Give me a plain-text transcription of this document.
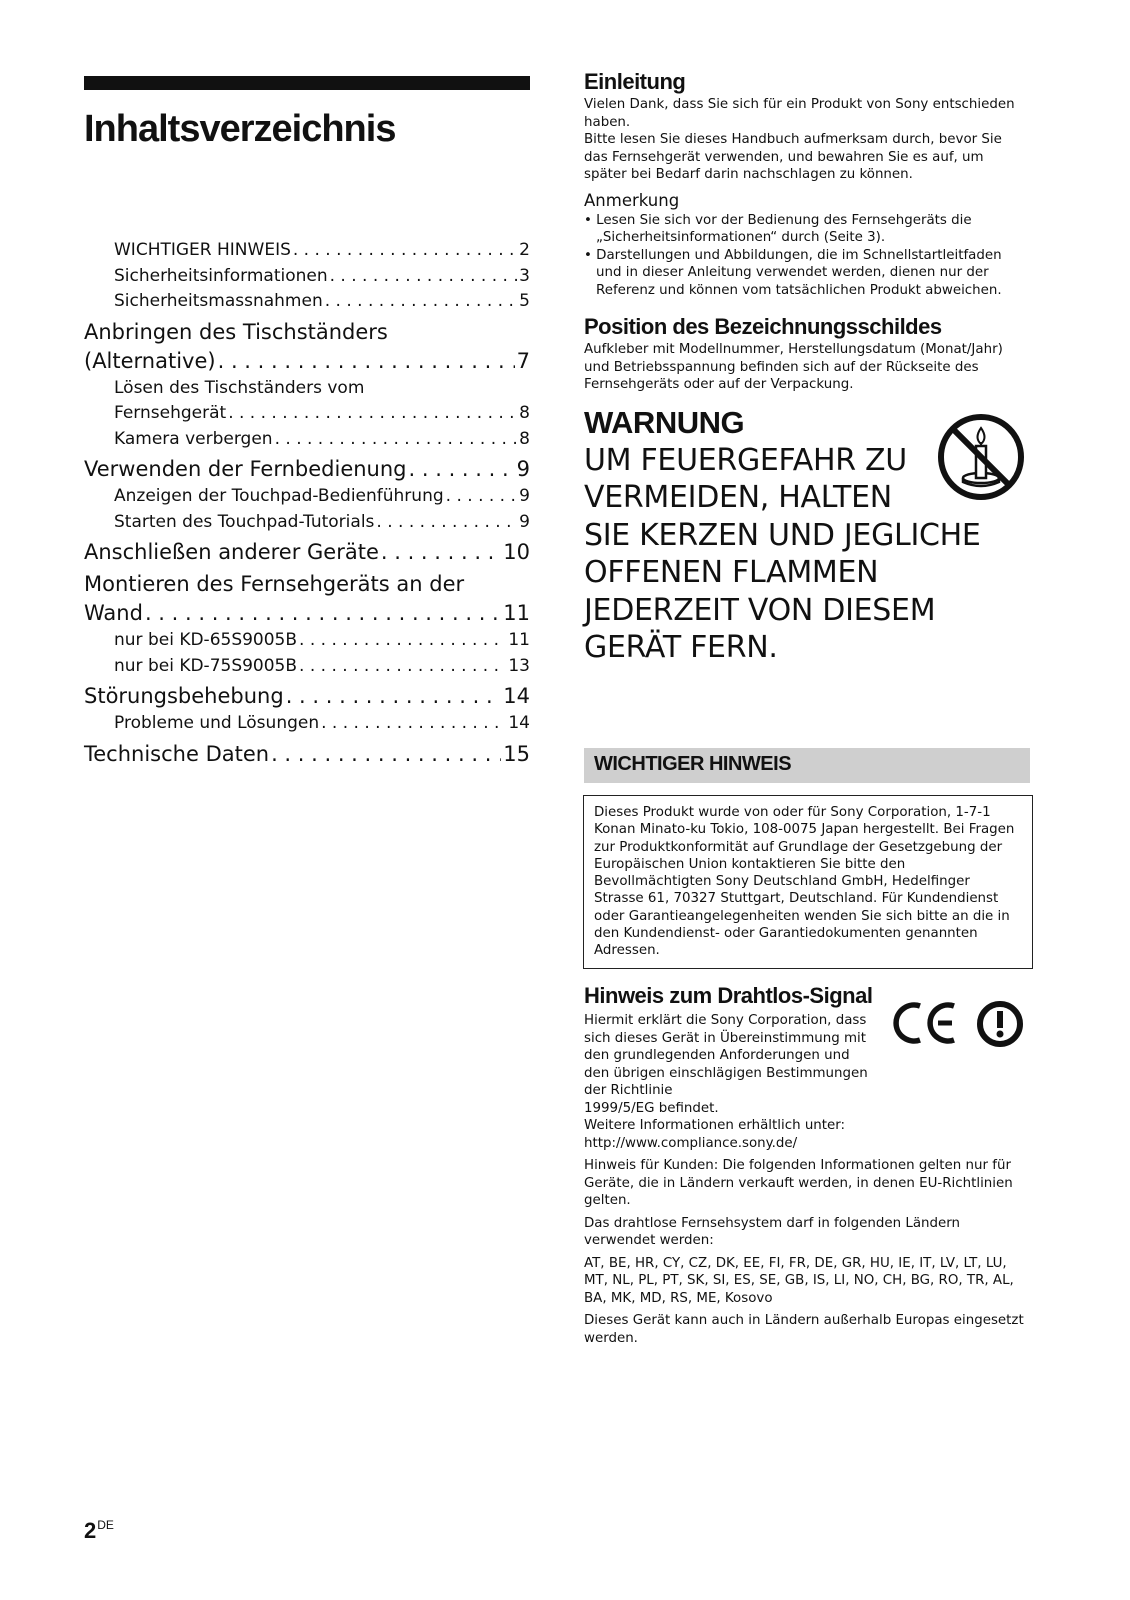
Inhaltsverzeichnis
WICHTIGER HINWEIS . . .	2
Sicherheitsinformationen . . .	3
Sicherheitsmassnahmen . . .	5
Anbringen des Tischständers
(Alternative) . . .	7
Lösen des Tischständers vom
Fernsehgerät . . .	8
Kamera verbergen . . .	8
Verwenden der Fernbedienung . . .	9
Anzeigen der Touchpad-Bedienführung . . .	9
Starten des Touchpad-Tutorials . . .	9
Anschließen anderer Geräte . . .	10
Montieren des Fernsehgeräts an der
Wand . . .	11
nur bei KD-65S9005B . . .	11
nur bei KD-75S9005B . . .	13
Störungsbehebung . . .	14
Probleme und Lösungen . . .	14
Technische Daten . . .	15
Einleitung

Vielen Dank, dass Sie sich für ein Produkt von Sony entschieden haben.

Bitte lesen Sie dieses Handbuch aufmerksam durch, bevor Sie das Fernsehgerät verwenden, und bewahren Sie es auf, um später bei Bedarf darin nachschlagen zu können.

Anmerkung

• Lesen Sie sich vor der Bedienung des Fernsehgeräts die „Sicherheitsinformationen“ durch (Seite 3).

• Darstellungen und Abbildungen, die im Schnellstartleitfaden und in dieser Anleitung verwendet werden, dienen nur der Referenz und können vom tatsächlichen Produkt abweichen.

Position des Bezeichnungsschildes

Aufkleber mit Modellnummer, Herstellungsdatum (Monat/Jahr) und Betriebsspannung befinden sich auf der Rückseite des Fernsehgeräts oder auf der Verpackung.

WARNUNG
UM FEUERGEFAHR ZU
VERMEIDEN, HALTEN
SIE KERZEN UND JEGLICHE
OFFENEN FLAMMEN
JEDERZEIT VON DIESEM
GERÄT FERN.
WICHTIGER HINWEIS

Dieses Produkt wurde von oder für Sony Corporation, 1-7-1 Konan Minato-ku Tokio, 108-0075 Japan hergestellt. Bei Fragen zur Produktkonformität auf Grundlage der Gesetzgebung der Europäischen Union kontaktieren Sie bitte den Bevollmächtigten Sony Deutschland GmbH, Hedelfinger Strasse 61, 70327 Stuttgart, Deutschland. Für Kundendienst oder Garantieangelegenheiten wenden Sie sich bitte an die in den Kundendienst- oder Garantiedokumenten genannten Adressen.

Hinweis zum Drahtlos-Signal

Hiermit erklärt die Sony Corporation, dass

sich dieses Gerät in Übereinstimmung mit

den grundlegenden Anforderungen und

den übrigen einschlägigen Bestimmungen

der Richtlinie

1999/5/EG befindet.

Weitere Informationen erhältlich unter:

http://www.compliance.sony.de/

Hinweis für Kunden: Die folgenden Informationen gelten nur für Geräte, die in Ländern verkauft werden, in denen EU-Richtlinien gelten.

Das drahtlose Fernsehsystem darf in folgenden Ländern verwendet werden:

AT, BE, HR, CY, CZ, DK, EE, FI, FR, DE, GR, HU, IE, IT, LV, LT, LU, MT, NL, PL, PT, SK, SI, ES, SE, GB, IS, LI, NO, CH, BG, RO, TR, AL, BA, MK, MD, RS, ME, Kosovo

Dieses Gerät kann auch in Ländern außerhalb Europas eingesetzt werden.

2DE
